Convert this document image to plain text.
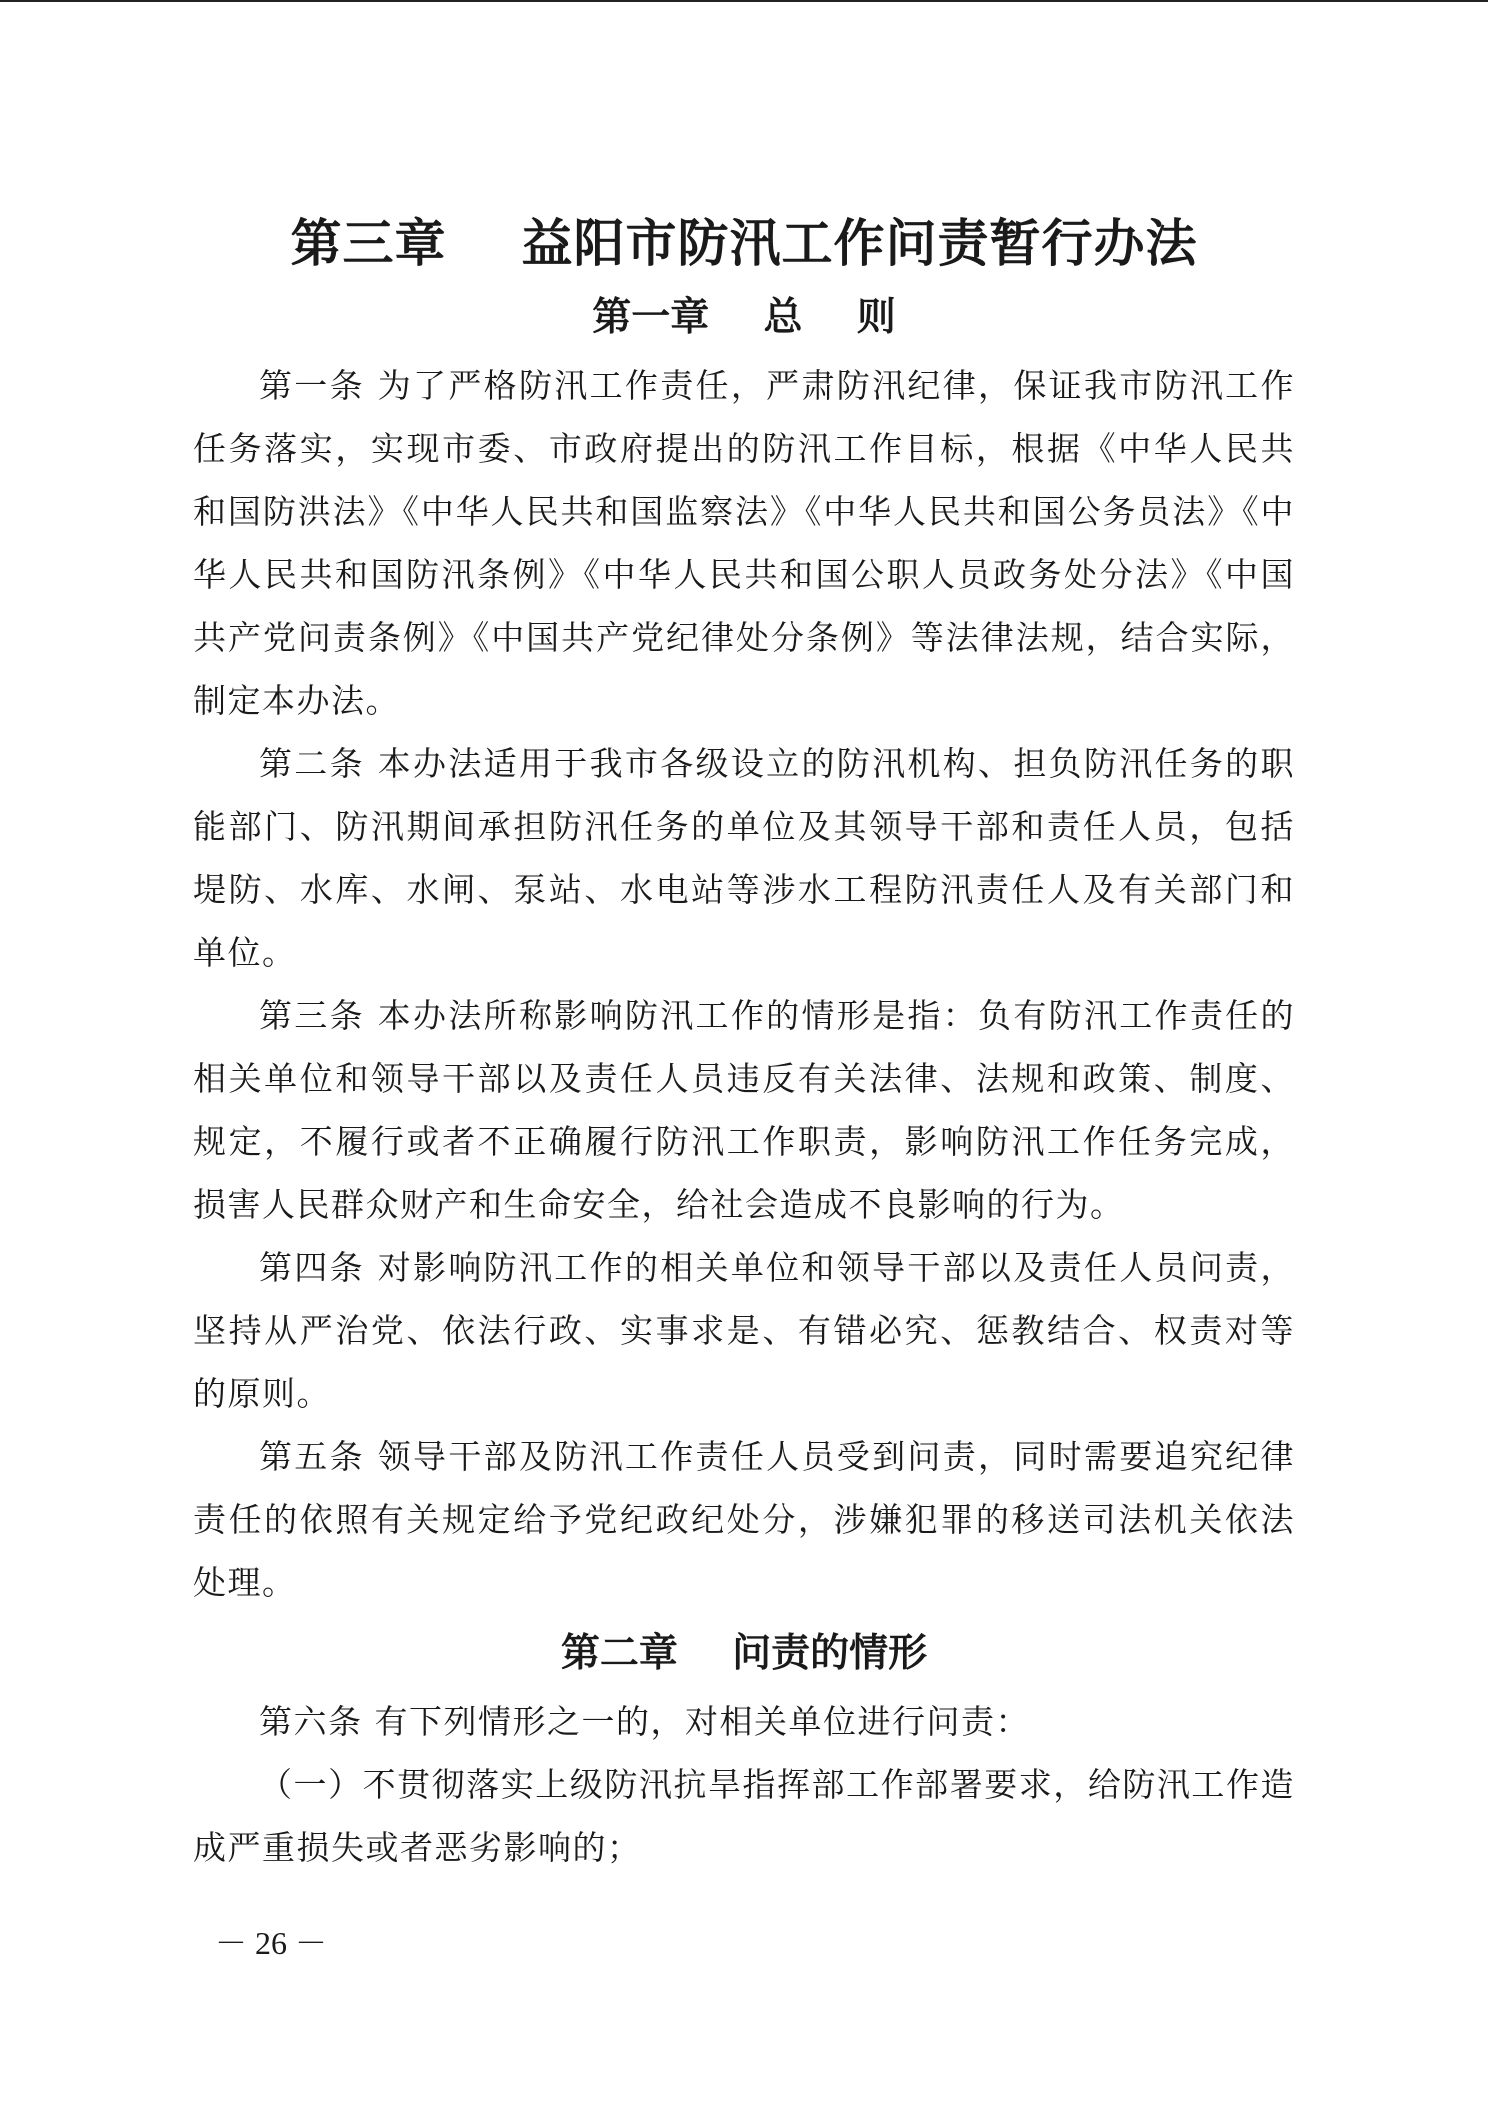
第三章    益阳市防汛工作问责暂行办法
第一章    总    则

第一条 为了严格防汛工作责任，严肃防汛纪律，保证我市防汛工作任务落实，实现市委、市政府提出的防汛工作目标，根据《中华人民共和国防洪法》《中华人民共和国监察法》《中华人民共和国公务员法》《中华人民共和国防汛条例》《中华人民共和国公职人员政务处分法》《中国共产党问责条例》《中国共产党纪律处分条例》等法律法规，结合实际，制定本办法。

第二条 本办法适用于我市各级设立的防汛机构、担负防汛任务的职能部门、防汛期间承担防汛任务的单位及其领导干部和责任人员，包括堤防、水库、水闸、泵站、水电站等涉水工程防汛责任人及有关部门和单位。

第三条 本办法所称影响防汛工作的情形是指：负有防汛工作责任的相关单位和领导干部以及责任人员违反有关法律、法规和政策、制度、规定，不履行或者不正确履行防汛工作职责，影响防汛工作任务完成，损害人民群众财产和生命安全，给社会造成不良影响的行为。

第四条 对影响防汛工作的相关单位和领导干部以及责任人员问责，坚持从严治党、依法行政、实事求是、有错必究、惩教结合、权责对等的原则。

第五条 领导干部及防汛工作责任人员受到问责，同时需要追究纪律责任的依照有关规定给予党纪政纪处分，涉嫌犯罪的移送司法机关依法处理。

第二章    问责的情形

第六条 有下列情形之一的，对相关单位进行问责：

（一）不贯彻落实上级防汛抗旱指挥部工作部署要求，给防汛工作造成严重损失或者恶劣影响的；

－ 26 －
